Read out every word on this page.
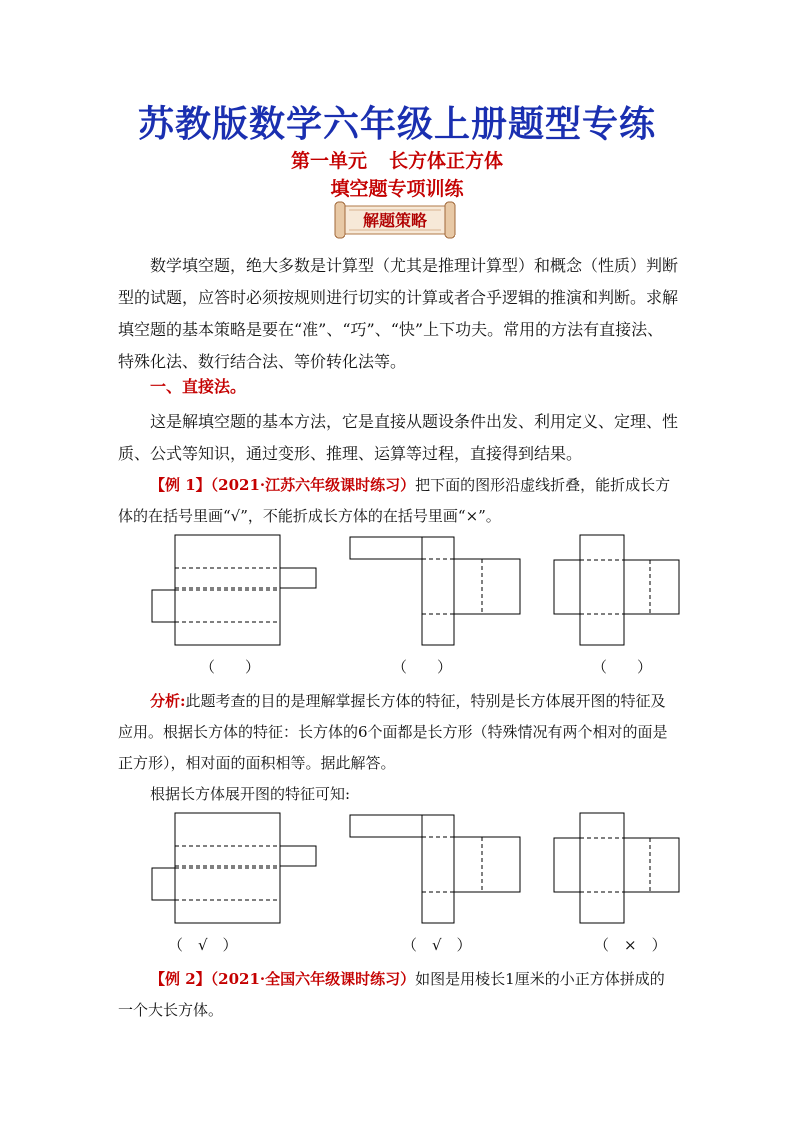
苏教版数学六年级上册题型专练
第一单元 长方体正方体
填空题专项训练
解题策略

数学填空题，绝大多数是计算型（尤其是推理计算型）和概念（性质）判断型的试题，应答时必须按规则进行切实的计算或者合乎逻辑的推演和判断。求解填空题的基本策略是要在“准”、“巧”、“快”上下功夫。常用的方法有直接法、特殊化法、数行结合法、等价转化法等。

一、直接法。

这是解填空题的基本方法，它是直接从题设条件出发、利用定义、定理、性质、公式等知识，通过变形、推理、运算等过程，直接得到结果。

【例 1】（2021·江苏六年级课时练习）把下面的图形沿虚线折叠，能折成长方体的在括号里画“√”，不能折成长方体的在括号里画“×”。

（　　）	（　　）	（　　）

分析:此题考查的目的是理解掌握长方体的特征，特别是长方体展开图的特征及应用。根据长方体的特征：长方体的6个面都是长方形（特殊情况有两个相对的面是正方形），相对面的面积相等。据此解答。

根据长方体展开图的特征可知:

（　√　）	（　√　）	（　×　）

【例 2】（2021·全国六年级课时练习）如图是用棱长1厘米的小正方体拼成的一个大长方体。
